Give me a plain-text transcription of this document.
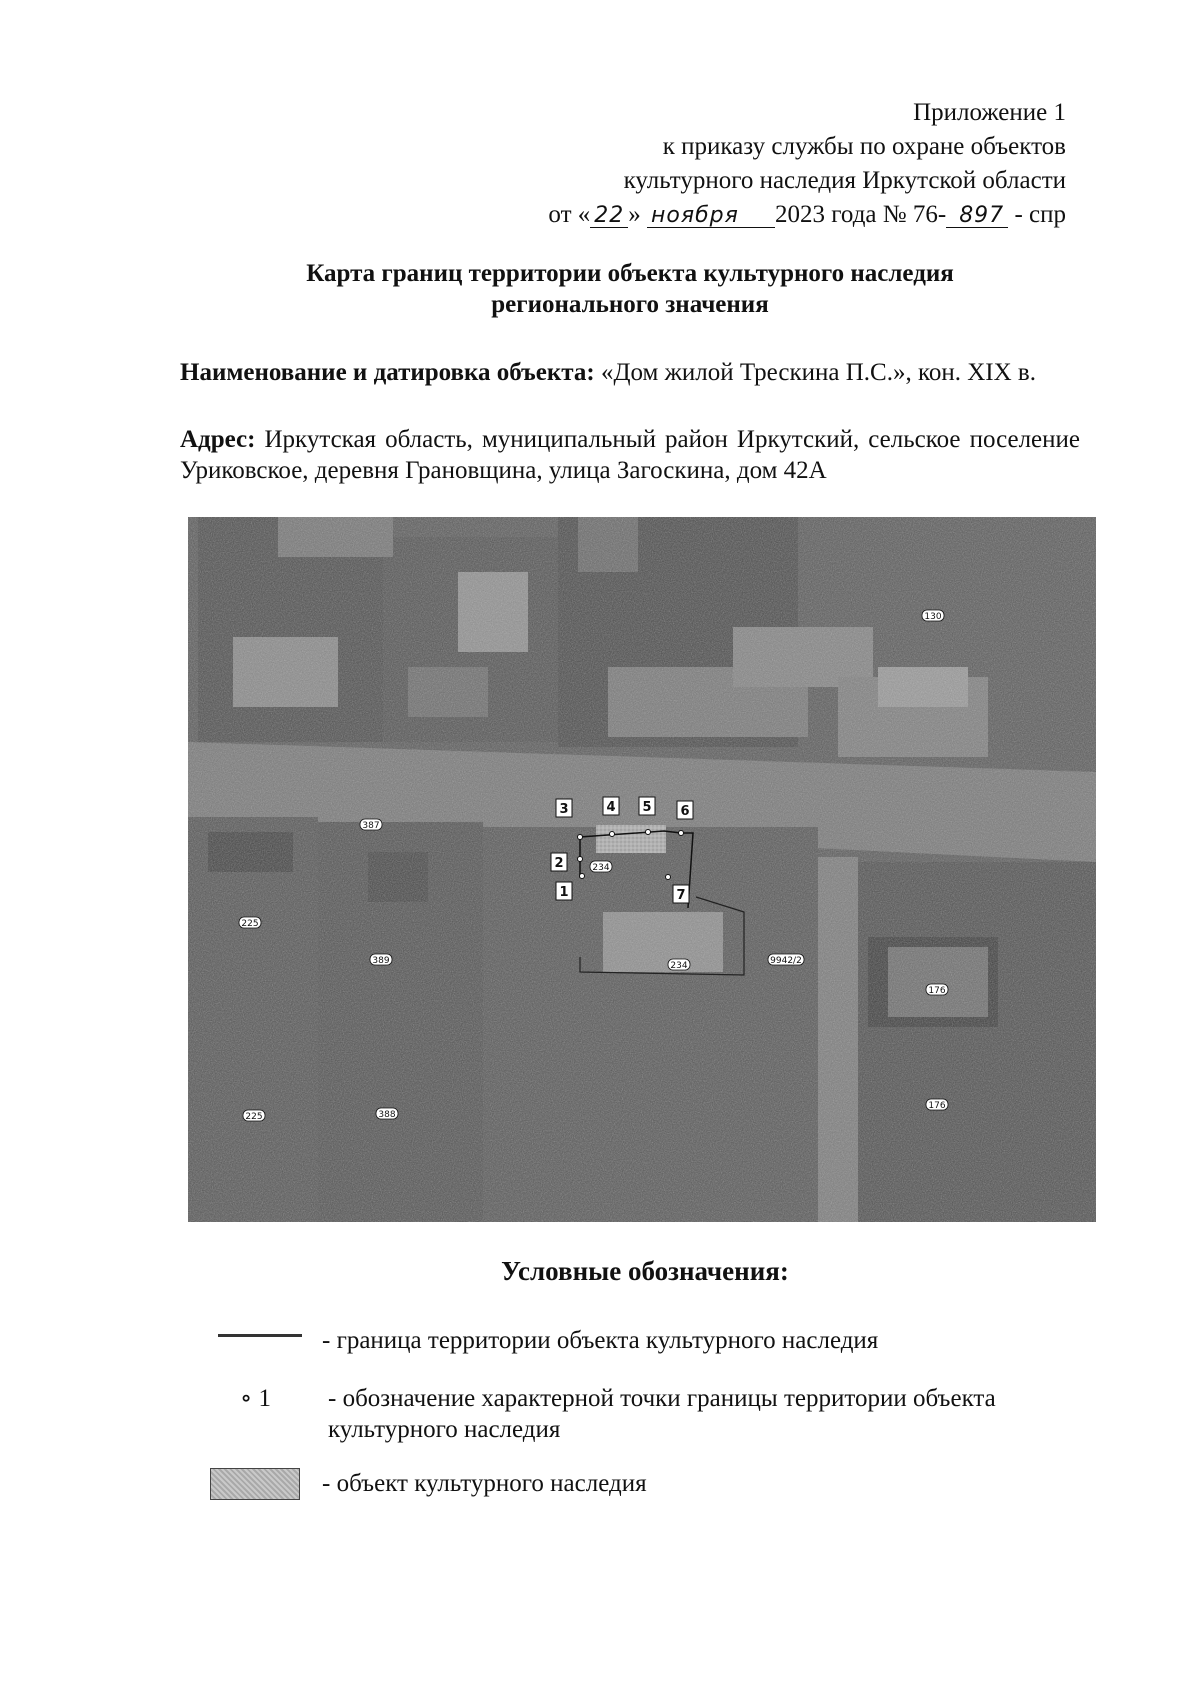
Приложение 1
к приказу службы по охране объектов
культурного наследия Иркутской области
от « 22 » ноября 2023 года № 76- 897 - спр
Карта границ территории объекта культурного наследия
регионального значения
Наименование и датировка объекта: «Дом жилой Трескина П.С.», кон. XIX в.
Адрес: Иркутская область, муниципальный район Иркутский, сельское поселение Уриковское, деревня Грановщина, улица Загоскина, дом 42А
1
2
3	4 5 6
7
130
387
234
225
389	234	9942/2
176
225	388
176
Условные обозначения:
- граница территории объекта культурного наследия
∘ 1 - обозначение характерной точки границы территории объекта культурного наследия
- объект культурного наследия
